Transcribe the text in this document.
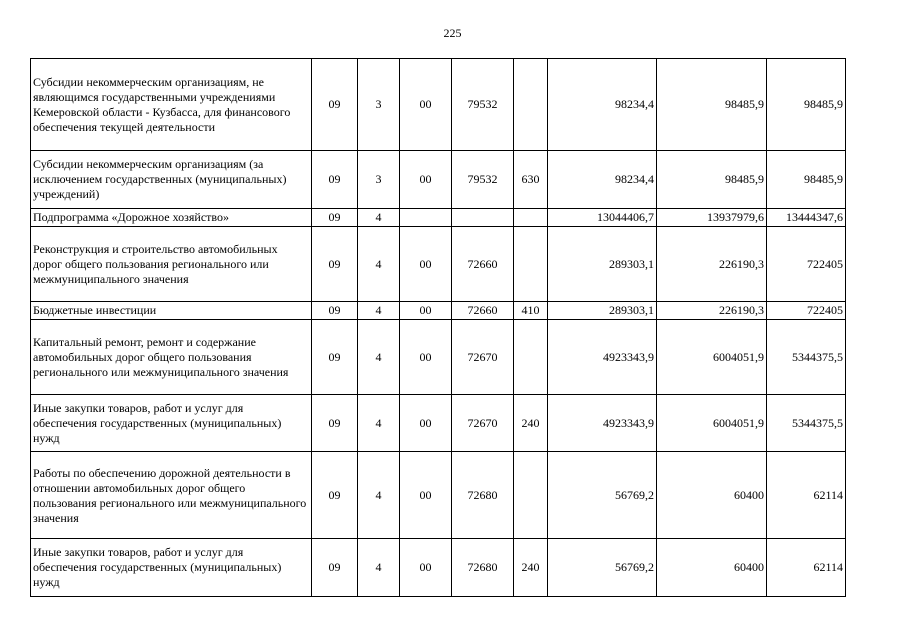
225
Субсидии некоммерческим организациям, не являющимся государственными учреждениями Кемеровской области - Кузбасса, для финансового обеспечения текущей деятельности	09	3	00	79532		98234,4	98485,9	98485,9
Субсидии некоммерческим организациям (за исключением государственных (муниципальных) учреждений)	09	3	00	79532	630	98234,4	98485,9	98485,9
Подпрограмма «Дорожное хозяйство»	09	4				13044406,7	13937979,6	13444347,6
Реконструкция и строительство автомобильных дорог общего пользования регионального или межмуниципального значения	09	4	00	72660		289303,1	226190,3	722405
Бюджетные инвестиции	09	4	00	72660	410	289303,1	226190,3	722405
Капитальный ремонт, ремонт и содержание автомобильных дорог общего пользования регионального или межмуниципального значения	09	4	00	72670		4923343,9	6004051,9	5344375,5
Иные закупки товаров, работ и услуг для обеспечения государственных (муниципальных) нужд	09	4	00	72670	240	4923343,9	6004051,9	5344375,5
Работы по обеспечению дорожной деятельности в отношении автомобильных дорог общего пользования регионального или межмуниципального значения	09	4	00	72680		56769,2	60400	62114
Иные закупки товаров, работ и услуг для обеспечения государственных (муниципальных) нужд	09	4	00	72680	240	56769,2	60400	62114
